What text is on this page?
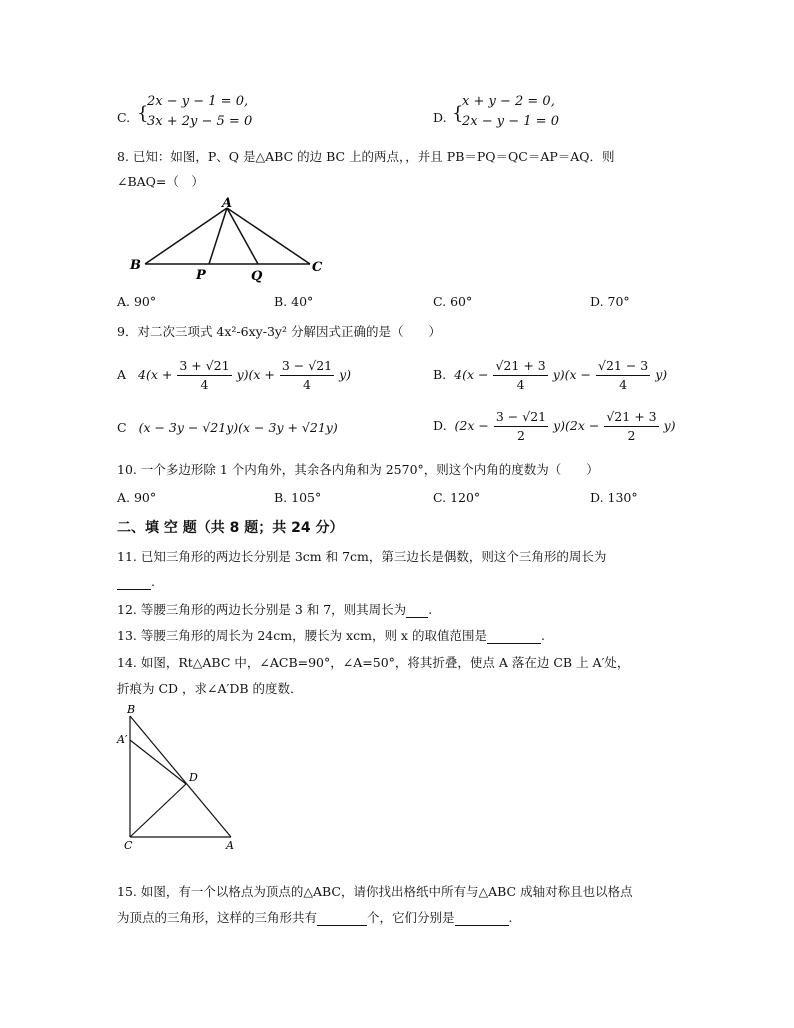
C. {
2x − y − 1 = 0,
3x + 2y − 5 = 0	D. {
x + y − 2 = 0,
2x − y − 1 = 0
8. 已知：如图，P、Q 是△ABC 的边 BC 上的两点，，并且 PB＝PQ＝QC＝AP＝AQ．则
∠BAQ=（　）
A
B
P	Q
C
A. 90°	B. 40°	C. 60°	D. 70°
9．对二次三项式 4x²-6xy-3y² 分解因式正确的是（　　）
A $4(x + \frac{3 + √21}{4} y)(x + \frac{3 - √21}{4} y)$	B. $4(x - \frac{√21 + 3}{4} y)(x - \frac{√21 - 3}{4} y)$
C (x − 3y − √21y)(x − 3y + √21y)	D. $(2x - \frac{3 - √21}{2} y)(2x - \frac{√21 + 3}{2} y)$
10. 一个多边形除 1 个内角外，其余各内角和为 2570°，则这个内角的度数为（　　）
A. 90°	B. 105°	C. 120°	D. 130°
二、填 空 题（共 8 题；共 24 分）
11. 已知三角形的两边长分别是 3cm 和 7cm，第三边长是偶数，则这个三角形的周长为
.
12. 等腰三角形的两边长分别是 3 和 7，则其周长为 .
13. 等腰三角形的周长为 24cm，腰长为 xcm，则 x 的取值范围是	.
14. 如图，Rt△ABC 中，∠ACB=90°，∠A=50°，将其折叠，使点 A 落在边 CB 上 A′处，
折痕为 CD ，求∠A′DB 的度数．
B
A′
D
C	A
15. 如图，有一个以格点为顶点的△ABC，请你找出格纸中所有与△ABC 成轴对称且也以格点
为顶点的三角形，这样的三角形共有	个，它们分别是	.
